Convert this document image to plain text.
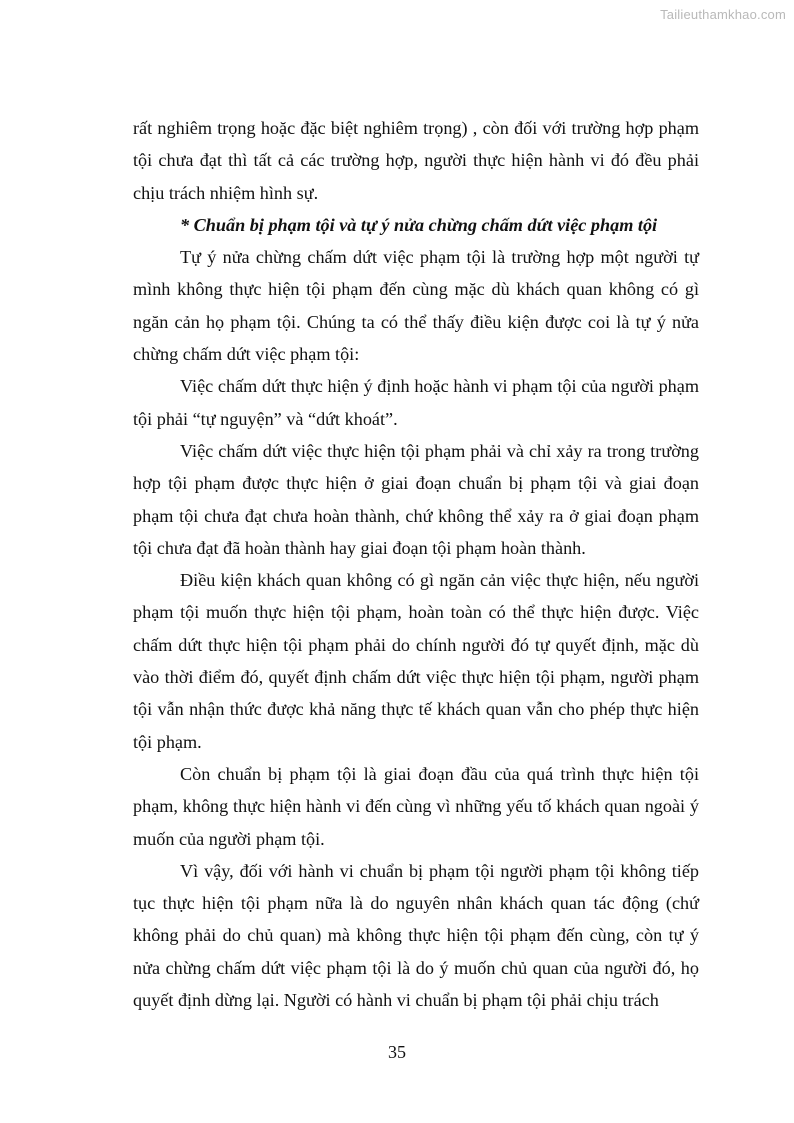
Tailieuthamkhao.com

rất nghiêm trọng hoặc đặc biệt nghiêm trọng) , còn đối với trường hợp phạm tội chưa đạt thì tất cả các trường hợp, người thực hiện hành vi đó đều phải chịu trách nhiệm hình sự.

* Chuẩn bị phạm tội và tự ý nửa chừng chấm dứt việc phạm tội

Tự ý nửa chừng chấm dứt việc phạm tội là trường hợp một người tự mình không thực hiện tội phạm đến cùng mặc dù khách quan không có gì ngăn cản họ phạm tội. Chúng ta có thể thấy điều kiện được coi là tự ý nửa chừng chấm dứt việc phạm tội:

Việc chấm dứt thực hiện ý định hoặc hành vi phạm tội của người phạm tội phải “tự nguyện” và “dứt khoát”.

Việc chấm dứt việc thực hiện tội phạm phải và chỉ xảy ra trong trường hợp tội phạm được thực hiện ở giai đoạn chuẩn bị phạm tội và giai đoạn phạm tội chưa đạt chưa hoàn thành, chứ không thể xảy ra ở giai đoạn phạm tội chưa đạt đã hoàn thành hay giai đoạn tội phạm hoàn thành.

Điều kiện khách quan không có gì ngăn cản việc thực hiện, nếu người phạm tội muốn thực hiện tội phạm, hoàn toàn có thể thực hiện được. Việc chấm dứt thực hiện tội phạm phải do chính người đó tự quyết định, mặc dù vào thời điểm đó, quyết định chấm dứt việc thực hiện tội phạm, người phạm tội vẫn nhận thức được khả năng thực tế khách quan vẫn cho phép thực hiện tội phạm.

Còn chuẩn bị phạm tội là giai đoạn đầu của quá trình thực hiện tội phạm, không thực hiện hành vi đến cùng vì những yếu tố khách quan ngoài ý muốn của người phạm tội.

Vì vậy, đối với hành vi chuẩn bị phạm tội người phạm tội không tiếp tục thực hiện tội phạm nữa là do nguyên nhân khách quan tác động (chứ không phải do chủ quan) mà không thực hiện tội phạm đến cùng, còn tự ý nửa chừng chấm dứt việc phạm tội là do ý muốn chủ quan của người đó, họ quyết định dừng lại. Người có hành vi chuẩn bị phạm tội phải chịu trách

35
